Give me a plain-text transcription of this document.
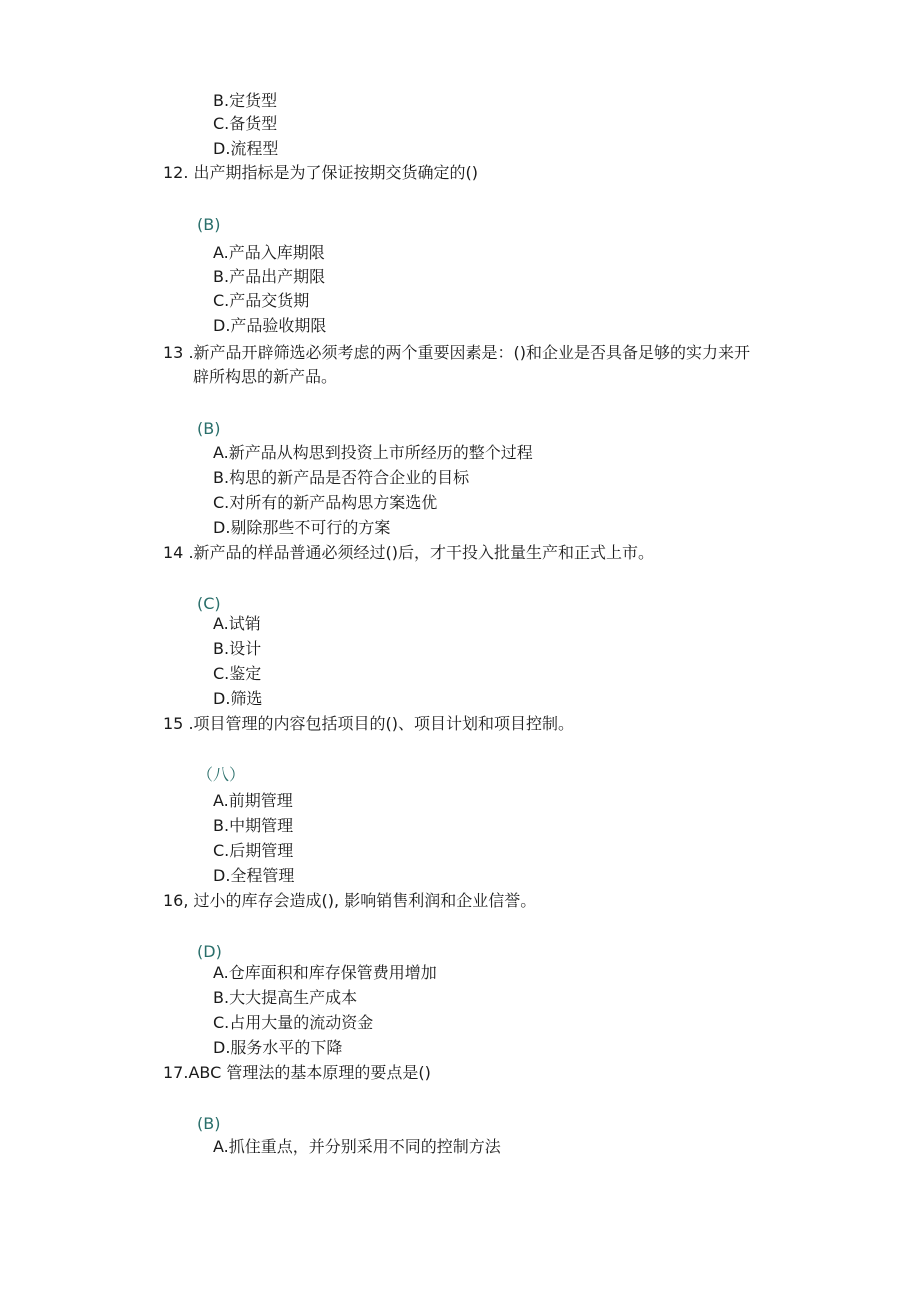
B.定货型
C.备货型
D.流程型
12. 出产期指标是为了保证按期交货确定的()
(B)
A.产品入库期限
B.产品出产期限
C.产品交货期
D.产品验收期限
13 .新产品开辟筛选必须考虑的两个重要因素是：()和企业是否具备足够的实力来开
辟所构思的新产品。
(B)
A.新产品从构思到投资上市所经历的整个过程
B.构思的新产品是否符合企业的目标
C.对所有的新产品构思方案选优
D.剔除那些不可行的方案
14 .新产品的样品普通必须经过()后，才干投入批量生产和正式上市。
(C)
A.试销
B.设计
C.鉴定
D.筛选
15 .项目管理的内容包括项目的()、项目计划和项目控制。
（八）
A.前期管理
B.中期管理
C.后期管理
D.全程管理
16, 过小的库存会造成(), 影响销售利润和企业信誉。
(D)
A.仓库面积和库存保管费用增加
B.大大提高生产成本
C.占用大量的流动资金
D.服务水平的下降
17.ABC 管理法的基本原理的要点是()
(B)
A.抓住重点，并分别采用不同的控制方法
